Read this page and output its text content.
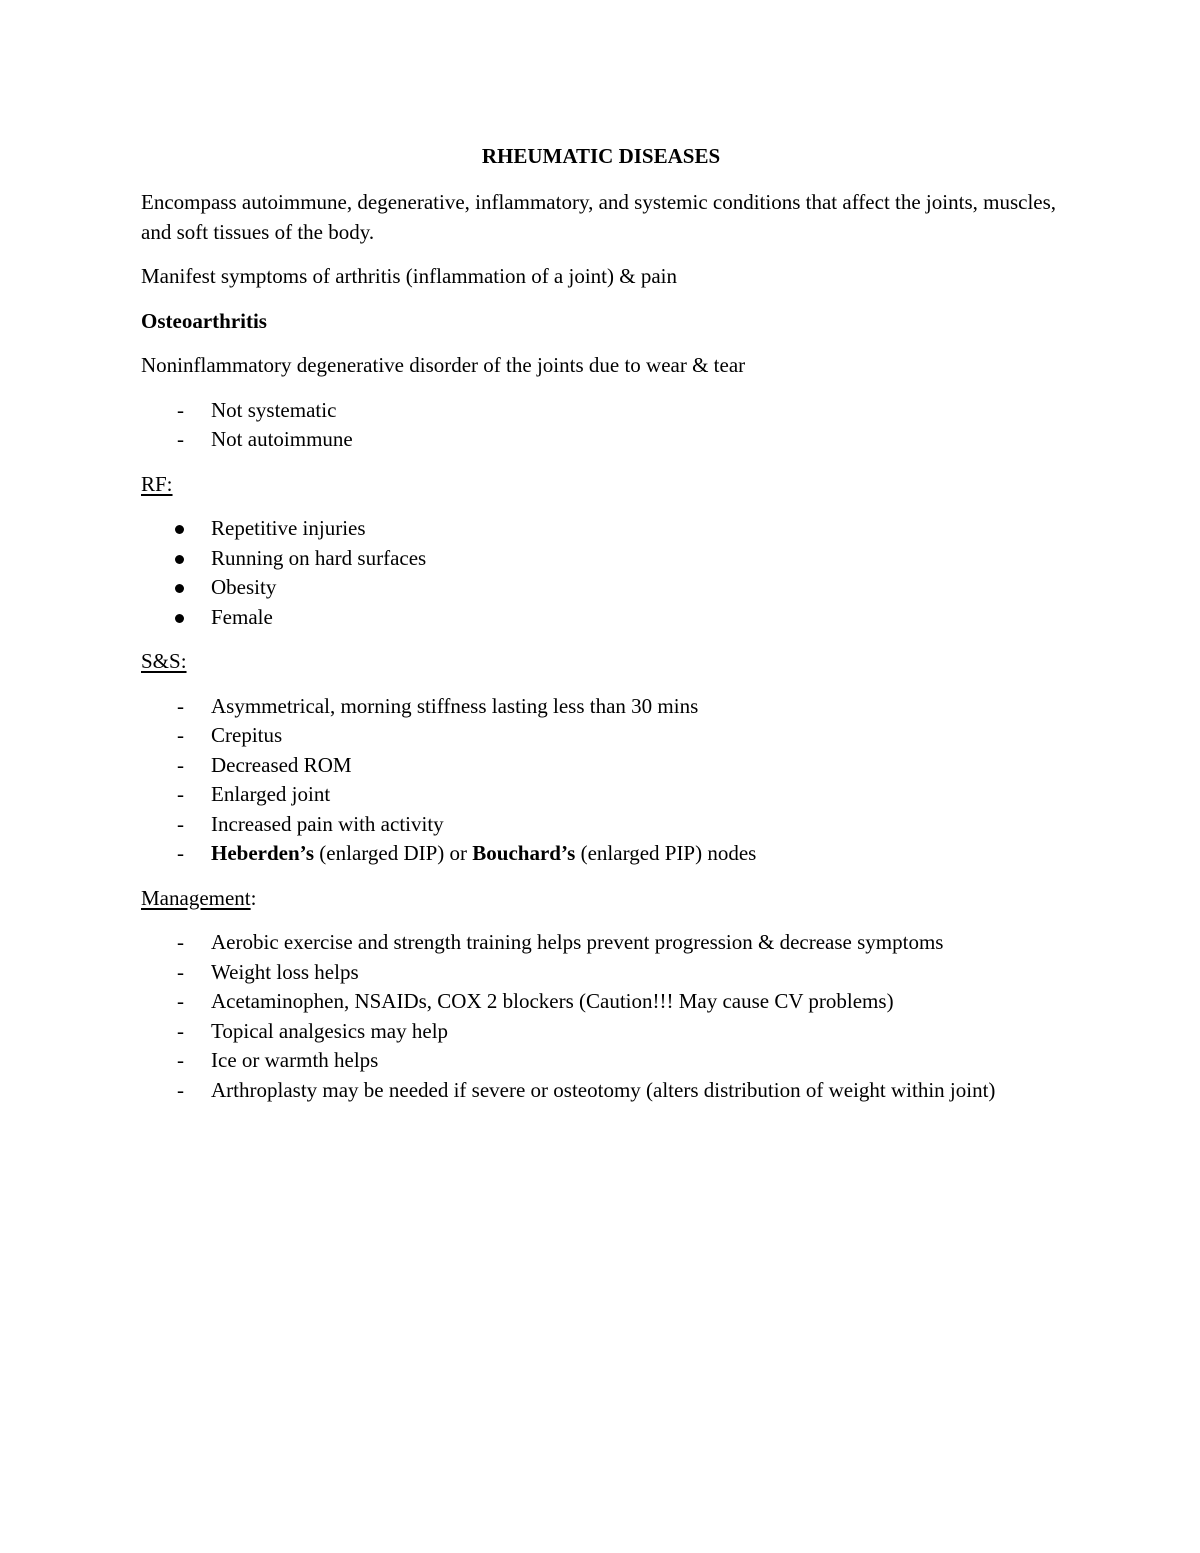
RHEUMATIC DISEASES

Encompass autoimmune, degenerative, inflammatory, and systemic conditions that affect the joints, muscles, and soft tissues of the body.

Manifest symptoms of arthritis (inflammation of a joint) & pain

Osteoarthritis

Noninflammatory degenerative disorder of the joints due to wear & tear

- Not systematic
- Not autoimmune

RF:

Repetitive injuries
Running on hard surfaces
Obesity
Female

S&S:

- Asymmetrical, morning stiffness lasting less than 30 mins
- Crepitus
- Decreased ROM
- Enlarged joint
- Increased pain with activity
- Heberden’s (enlarged DIP) or Bouchard’s (enlarged PIP) nodes

Management:

- Aerobic exercise and strength training helps prevent progression & decrease symptoms
- Weight loss helps
- Acetaminophen, NSAIDs, COX 2 blockers (Caution!!! May cause CV problems)
- Topical analgesics may help
- Ice or warmth helps
- Arthroplasty may be needed if severe or osteotomy (alters distribution of weight within joint)
